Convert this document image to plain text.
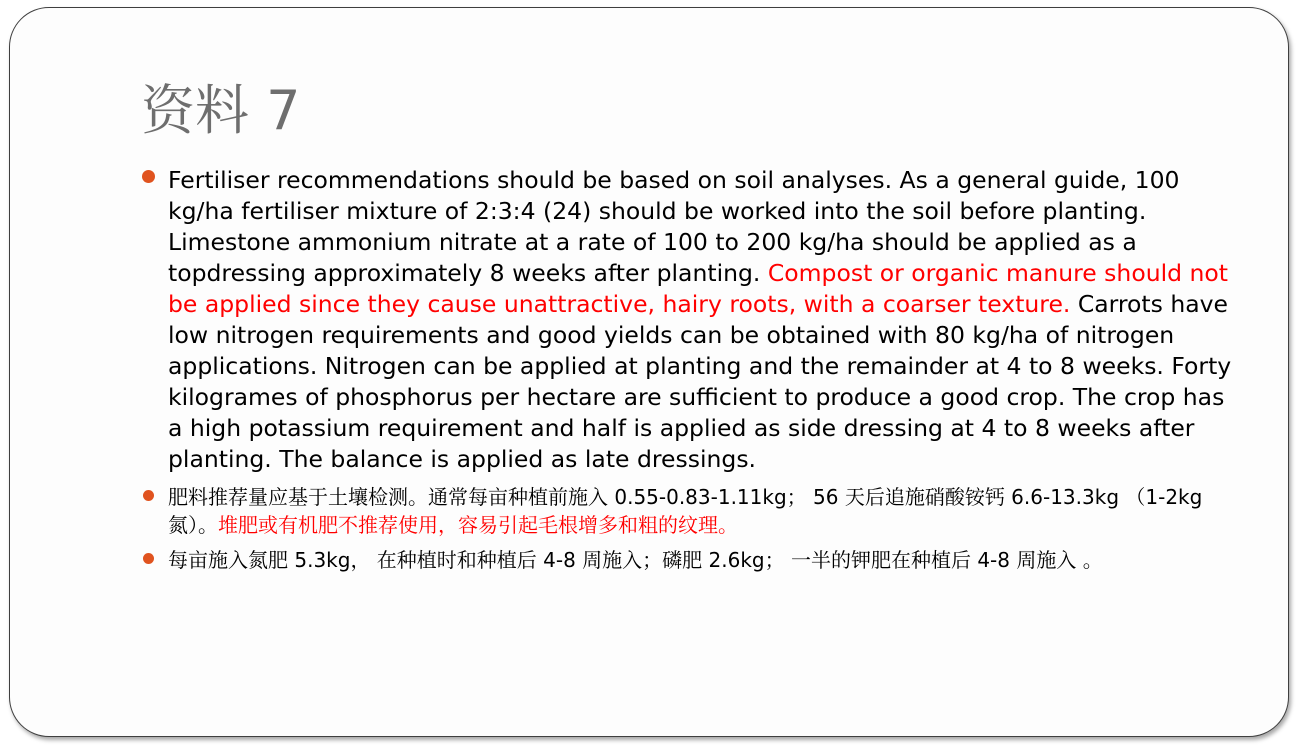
资料 7
Fertiliser recommendations should be based on soil analyses. As a general guide, 100 kg/ha fertiliser mixture of 2:3:4 (24) should be worked into the soil before planting. Limestone ammonium nitrate at a rate of 100 to 200 kg/ha should be applied as a topdressing approximately 8 weeks after planting. Compost or organic manure should not be applied since they cause unattractive, hairy roots, with a coarser texture. Carrots have low nitrogen requirements and good yields can be obtained with 80 kg/ha of nitrogen applications. Nitrogen can be applied at planting and the remainder at 4 to 8 weeks. Forty kilogrames of phosphorus per hectare are sufficient to produce a good crop. The crop has a high potassium requirement and half is applied as side dressing at 4 to 8 weeks after planting. The balance is applied as late dressings.
肥料推荐量应基于土壤检测。通常每亩种植前施入 0.55-0.83-1.11kg； 56 天后追施硝酸铵钙 6.6-13.3kg （1-2kg 氮）。堆肥或有机肥不推荐使用，容易引起毛根增多和粗的纹理。
每亩施入氮肥 5.3kg， 在种植时和种植后 4-8 周施入；磷肥 2.6kg； 一半的钾肥在种植后 4-8 周施入 。
